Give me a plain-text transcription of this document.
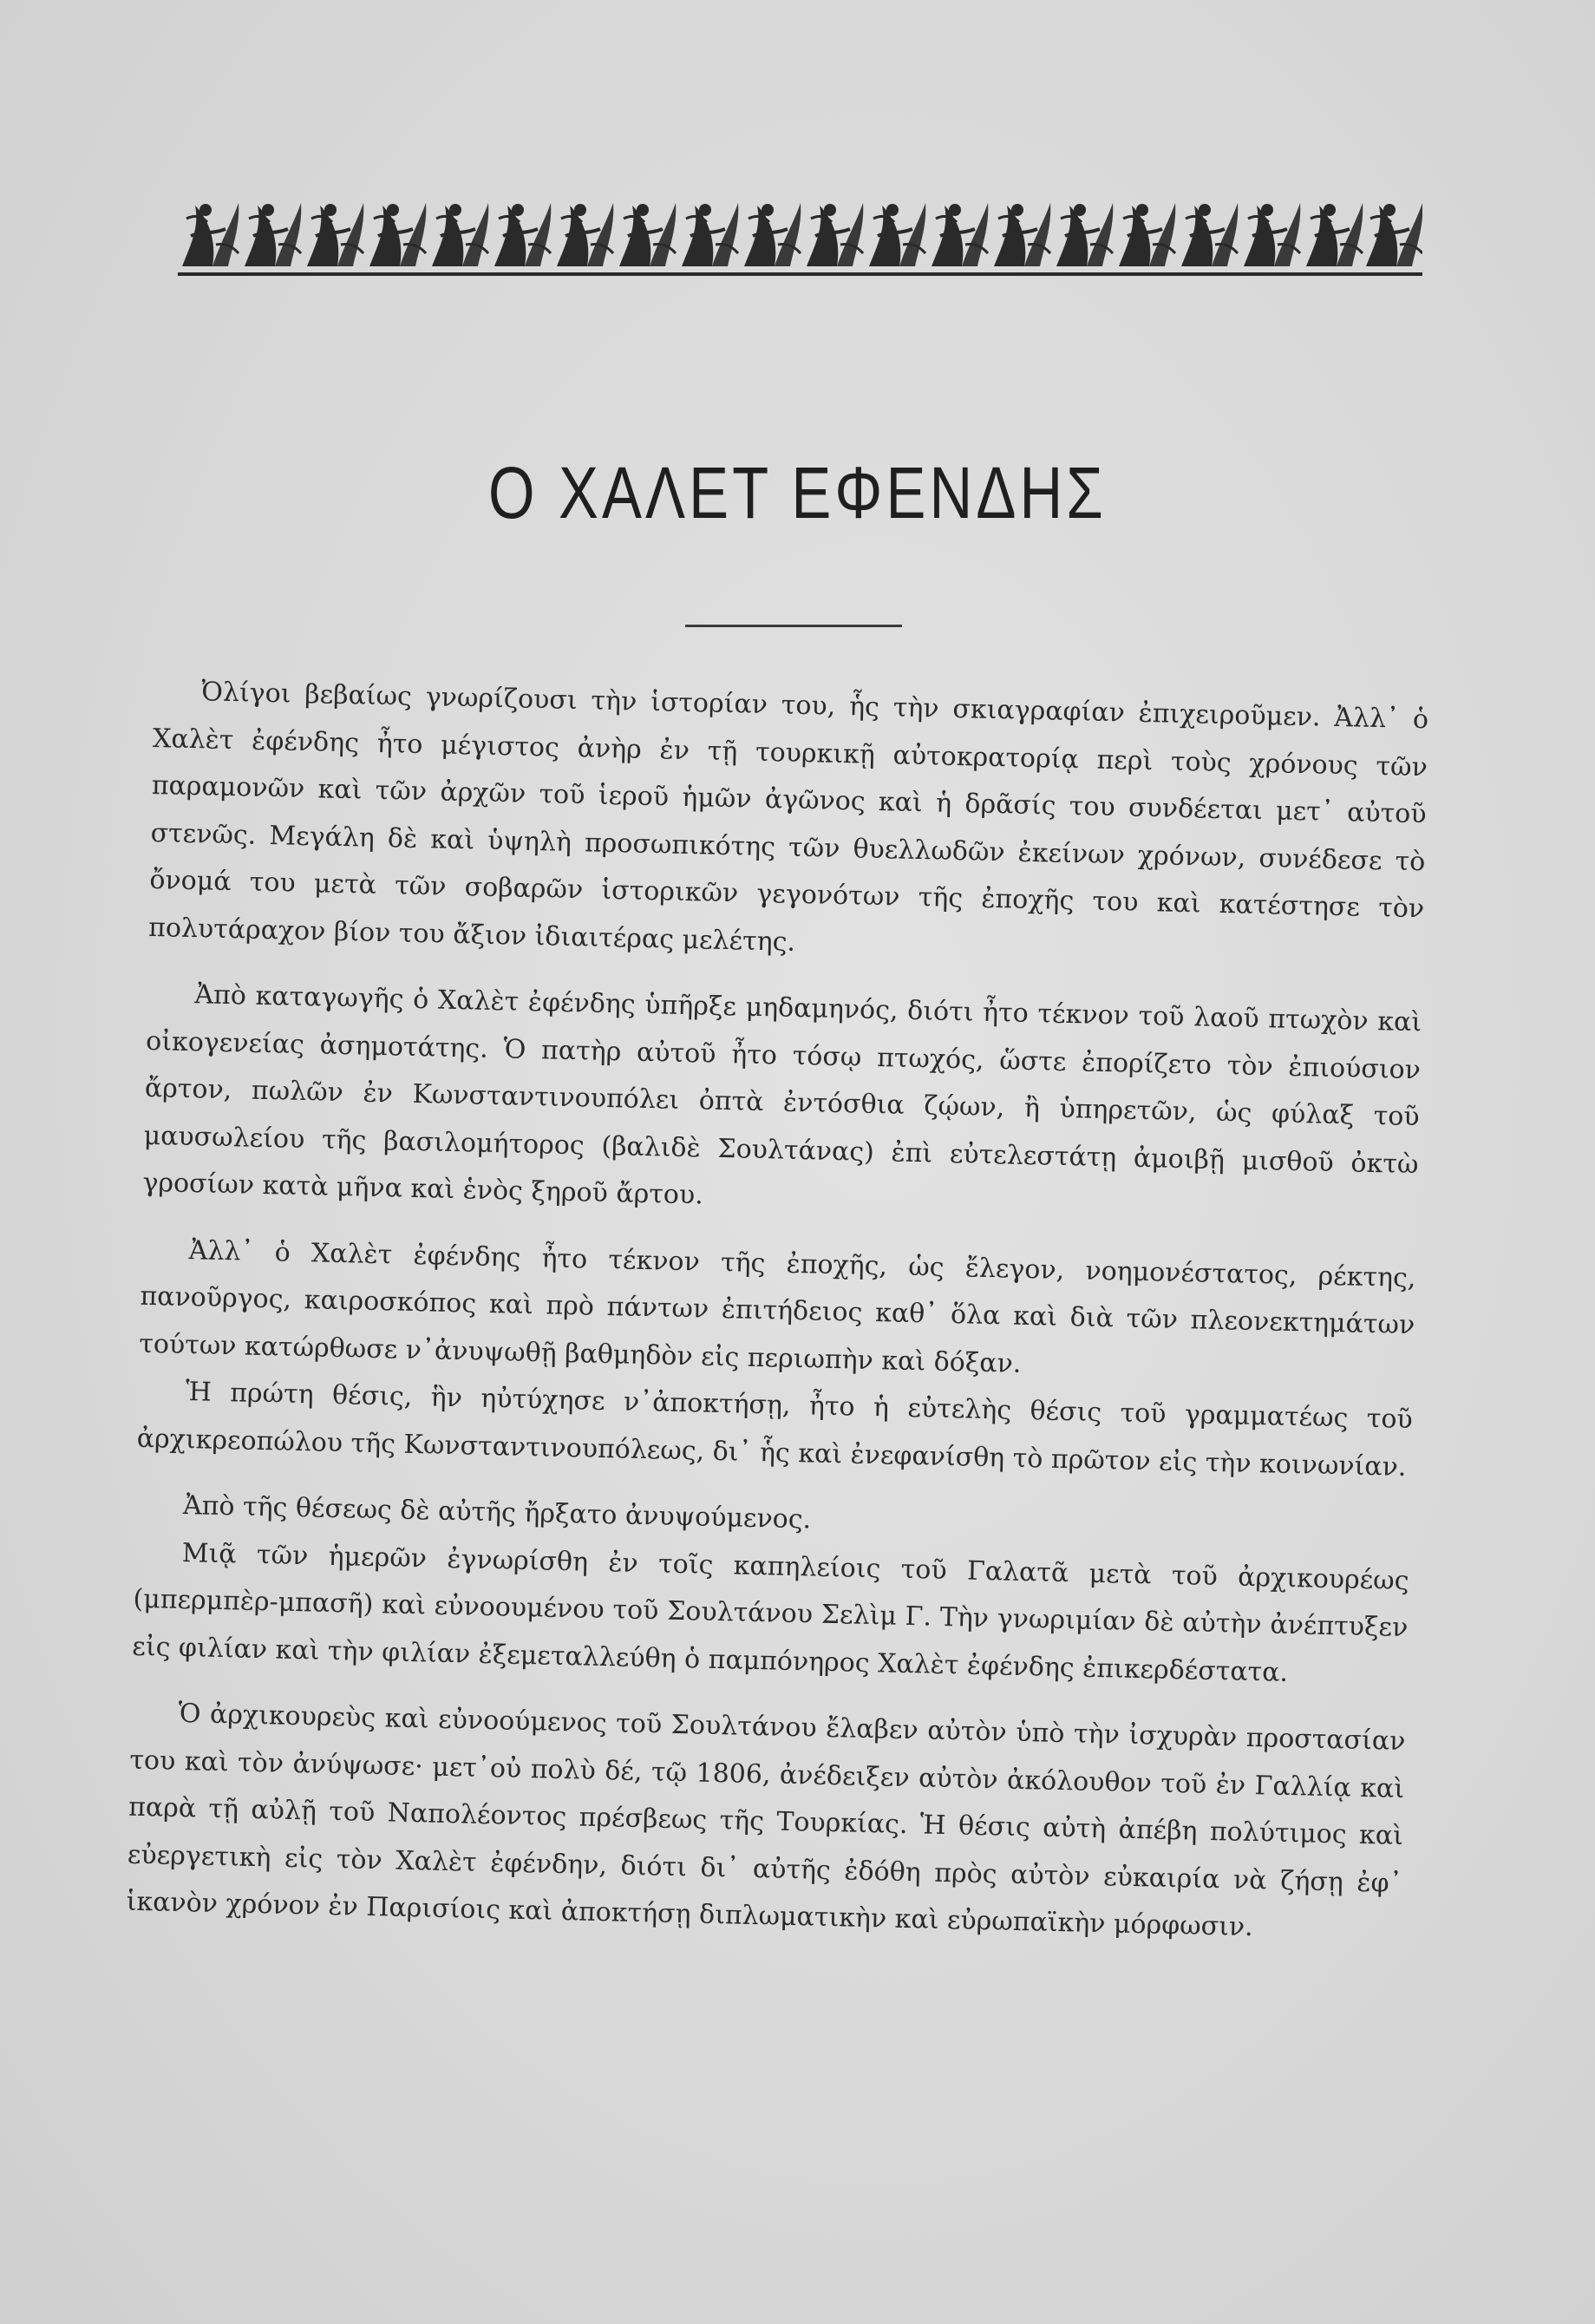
Ο ΧΑΛΕΤ ΕΦΕΝΔΗΣ

Ὀλίγοι βεβαίως γνωρίζουσι τὴν ἱστορίαν του, ἧς τὴν σκιαγραφίαν ἐπιχειροῦμεν. Ἀλλ᾽ ὁ Χαλὲτ ἐφένδης ἦτο μέγιστος ἀνὴρ ἐν τῇ τουρκικῇ αὐτοκρατορίᾳ περὶ τοὺς χρόνους τῶν παραμονῶν καὶ τῶν ἀρχῶν τοῦ ἱεροῦ ἡμῶν ἀγῶνος καὶ ἡ δρᾶσίς του συνδέεται μετ᾽ αὐτοῦ στενῶς. Μεγάλη δὲ καὶ ὑψηλὴ προσωπικότης τῶν θυελλωδῶν ἐκείνων χρόνων, συνέδεσε τὸ ὄνομά του μετὰ τῶν σοβαρῶν ἱστορικῶν γεγονότων τῆς ἐποχῆς του καὶ κατέστησε τὸν πολυτάραχον βίον του ἄξιον ἰδιαιτέρας μελέτης.

Ἀπὸ καταγωγῆς ὁ Χαλὲτ ἐφένδης ὑπῆρξε μηδαμηνός, διότι ἦτο τέκνον τοῦ λαοῦ πτωχὸν καὶ οἰκογενείας ἀσημοτάτης. Ὁ πατὴρ αὐτοῦ ἦτο τόσῳ πτωχός, ὥστε ἐπορίζετο τὸν ἐπιούσιον ἄρτον, πωλῶν ἐν Κωνσταντινουπόλει ὀπτὰ ἐντόσθια ζῴων, ἢ ὑπηρετῶν, ὡς φύλαξ τοῦ μαυσωλείου τῆς βασιλομήτορος (βαλιδὲ Σουλτάνας) ἐπὶ εὐτελεστάτῃ ἀμοιβῇ μισθοῦ ὀκτὼ γροσίων κατὰ μῆνα καὶ ἑνὸς ξηροῦ ἄρτου.

Ἀλλ᾽ ὁ Χαλὲτ ἐφένδης ἦτο τέκνον τῆς ἐποχῆς, ὡς ἔλεγον, νοημονέστατος, ρέκτης, πανοῦργος, καιροσκόπος καὶ πρὸ πάντων ἐπιτήδειος καθ᾽ ὅλα καὶ διὰ τῶν πλεονεκτημάτων τούτων κατώρθωσε ν᾽ἀνυψωθῇ βαθμηδὸν εἰς περιωπὴν καὶ δόξαν.

Ἡ πρώτη θέσις, ἣν ηὐτύχησε ν᾽ἀποκτήσῃ, ἦτο ἡ εὐτελὴς θέσις τοῦ γραμματέως τοῦ ἀρχικρεοπώλου τῆς Κωνσταντινουπόλεως, δι᾽ ἧς καὶ ἐνεφανίσθη τὸ πρῶτον εἰς τὴν κοινωνίαν.

Ἀπὸ τῆς θέσεως δὲ αὐτῆς ἤρξατο ἀνυψούμενος.

Μιᾷ τῶν ἡμερῶν ἐγνωρίσθη ἐν τοῖς καπηλείοις τοῦ Γαλατᾶ μετὰ τοῦ ἀρχικουρέως (μπερμπὲρ-μπασῆ) καὶ εὐνοουμένου τοῦ Σουλτάνου Σελὶμ Γ. Τὴν γνωριμίαν δὲ αὐτὴν ἀνέπτυξεν εἰς φιλίαν καὶ τὴν φιλίαν ἐξεμεταλλεύθη ὁ παμπόνηρος Χαλὲτ ἐφένδης ἐπικερδέστατα.

Ὁ ἀρχικουρεὺς καὶ εὐνοούμενος τοῦ Σουλτάνου ἔλαβεν αὐτὸν ὑπὸ τὴν ἰσχυρὰν προστασίαν του καὶ τὸν ἀνύψωσε· μετ᾽οὐ πολὺ δέ, τῷ 1806, ἀνέδειξεν αὐτὸν ἀκόλουθον τοῦ ἐν Γαλλίᾳ καὶ παρὰ τῇ αὐλῇ τοῦ Ναπολέοντος πρέσβεως τῆς Τουρκίας. Ἡ θέσις αὐτὴ ἀπέβη πολύτιμος καὶ εὐεργετικὴ εἰς τὸν Χαλὲτ ἐφένδην, διότι δι᾽ αὐτῆς ἐδόθη πρὸς αὐτὸν εὐκαιρία νὰ ζήσῃ ἐφ᾽ ἱκανὸν χρόνον ἐν Παρισίοις καὶ ἀποκτήσῃ διπλωματικὴν καὶ εὐρωπαϊκὴν μόρφωσιν.
